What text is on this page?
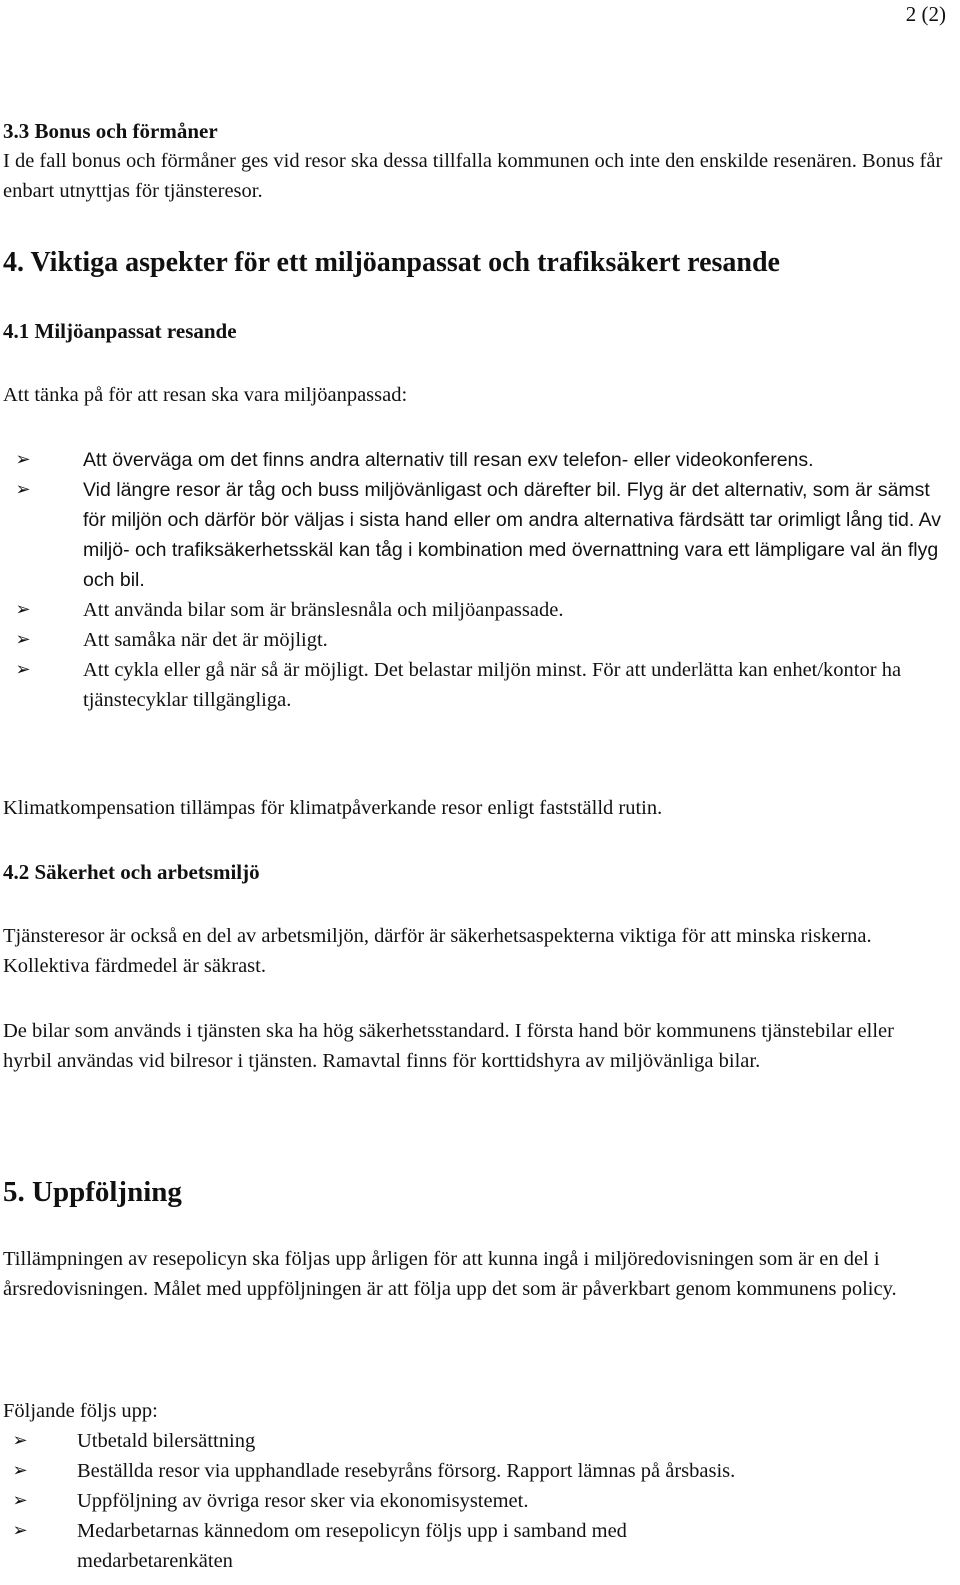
2 (2)
3.3 Bonus och förmåner
I de fall bonus och förmåner ges vid resor ska dessa tillfalla kommunen och inte den enskilde resenären. Bonus får enbart utnyttjas för tjänsteresor.
4. Viktiga aspekter för ett miljöanpassat och trafiksäkert resande
4.1 Miljöanpassat resande
Att tänka på för att resan ska vara miljöanpassad:
➢	Att överväga om det finns andra alternativ till resan exv telefon- eller videokonferens.
➢	Vid längre resor är tåg och buss miljövänligast och därefter bil. Flyg är det alternativ, som är sämst för miljön och därför bör väljas i sista hand eller om andra alternativa färdsätt tar orimligt lång tid. Av miljö- och trafiksäkerhetsskäl kan tåg i kombination med övernattning vara ett lämpligare val än flyg och bil.
➢	Att använda bilar som är bränslesnåla och miljöanpassade.
➢	Att samåka när det är möjligt.
➢	Att cykla eller gå när så är möjligt. Det belastar miljön minst. För att underlätta kan enhet/kontor ha tjänstecyklar tillgängliga.
Klimatkompensation tillämpas för klimatpåverkande resor enligt fastställd rutin.
4.2 Säkerhet och arbetsmiljö
Tjänsteresor är också en del av arbetsmiljön, därför är säkerhetsaspekterna viktiga för att minska riskerna. Kollektiva färdmedel är säkrast.
De bilar som används i tjänsten ska ha hög säkerhetsstandard. I första hand bör kommunens tjänstebilar eller hyrbil användas vid bilresor i tjänsten. Ramavtal finns för korttidshyra av miljövänliga bilar.
5. Uppföljning
Tillämpningen av resepolicyn ska följas upp årligen för att kunna ingå i miljöredovisningen som är en del i årsredovisningen. Målet med uppföljningen är att följa upp det som är påverkbart genom kommunens policy.
Följande följs upp:
➢ Utbetald bilersättning
➢ Beställda resor via upphandlade resebyråns försorg. Rapport lämnas på årsbasis.
➢ Uppföljning av övriga resor sker via ekonomisystemet.
➢ Medarbetarnas kännedom om resepolicyn följs upp i samband med medarbetarenkäten
